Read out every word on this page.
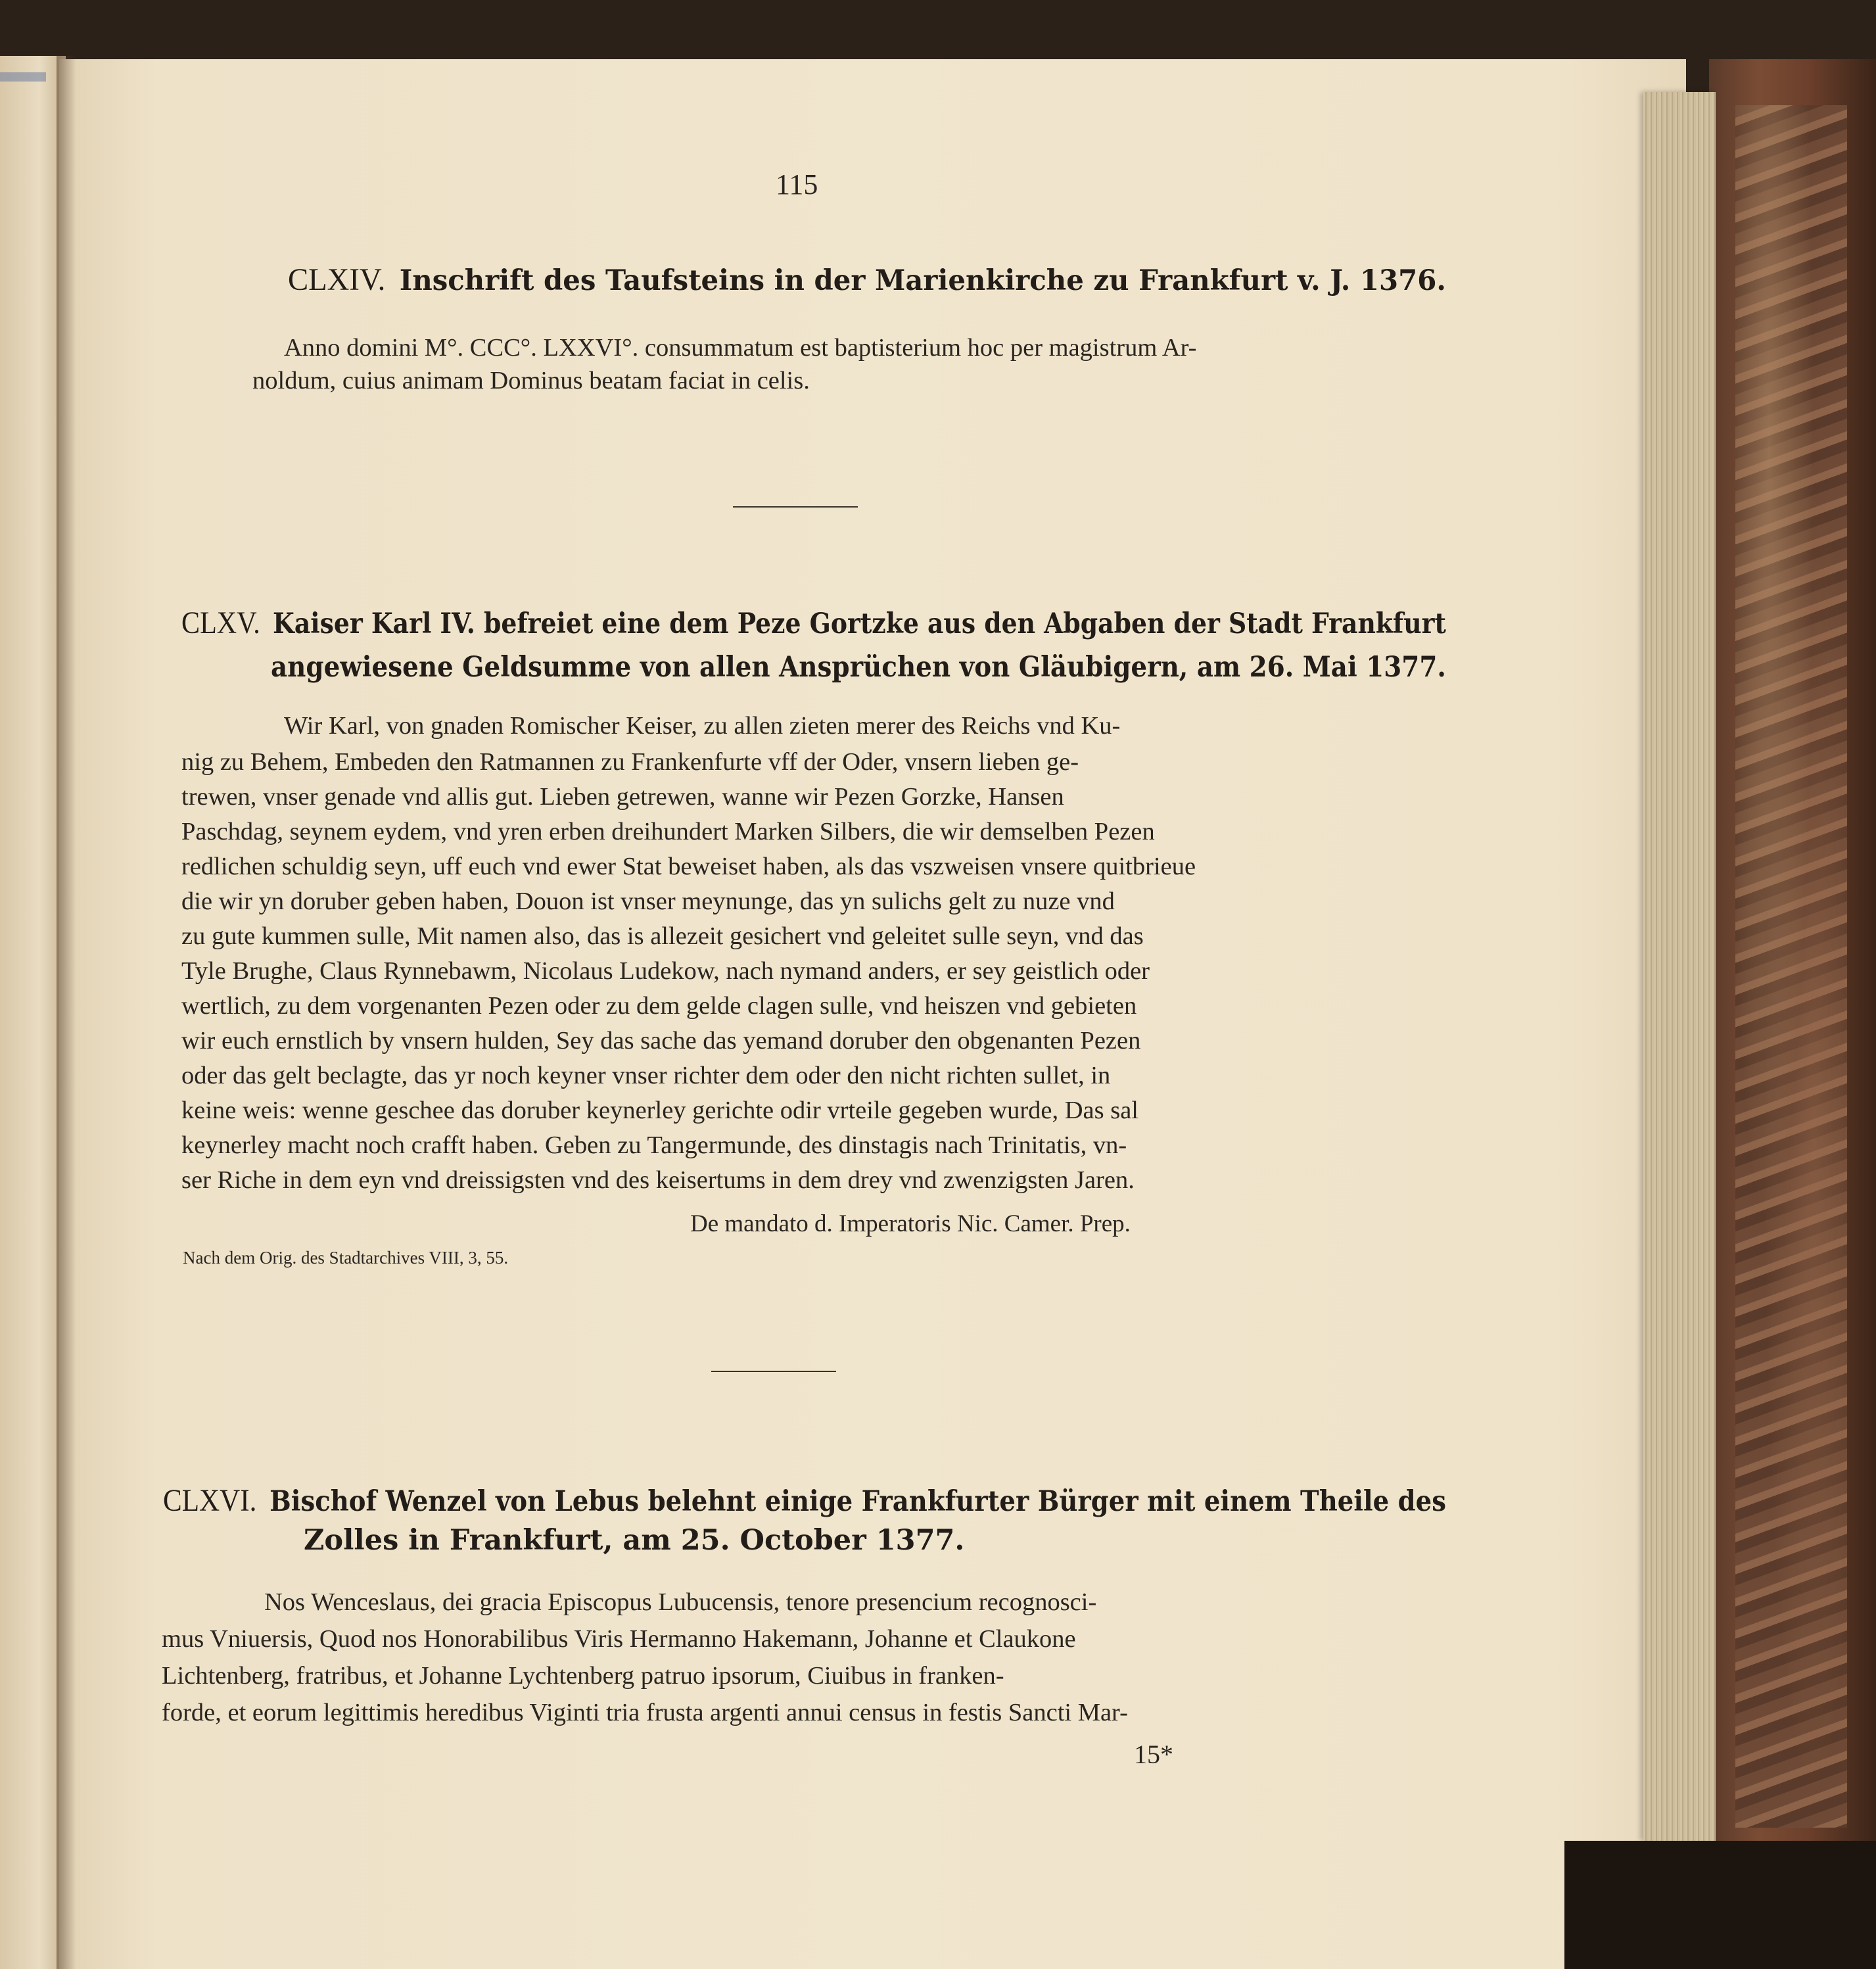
115
CLXIV. Inschrift des Taufsteins in der Marienkirche zu Frankfurt v. J. 1376.
Anno domini M°. CCC°. LXXVI°. consummatum est baptisterium hoc per magistrum Ar-
noldum, cuius animam Dominus beatam faciat in celis.
CLXV. Kaiser Karl IV. befreiet eine dem Peze Gortzke aus den Abgaben der Stadt Frankfurt
angewiesene Geldsumme von allen Ansprüchen von Gläubigern, am 26. Mai 1377.
Wir Karl, von gnaden Romischer Keiser, zu allen zieten merer des Reichs vnd Ku-
nig zu Behem, Embeden den Ratmannen zu Frankenfurte vff der Oder, vnsern lieben ge-
trewen, vnser genade vnd allis gut. Lieben getrewen, wanne wir Pezen Gorzke, Hansen
Paschdag, seynem eydem, vnd yren erben dreihundert Marken Silbers, die wir demselben Pezen
redlichen schuldig seyn, uff euch vnd ewer Stat beweiset haben, als das vszweisen vnsere quitbrieue
die wir yn doruber geben haben, Douon ist vnser meynunge, das yn sulichs gelt zu nuze vnd
zu gute kummen sulle, Mit namen also, das is allezeit gesichert vnd geleitet sulle seyn, vnd das
Tyle Brughe, Claus Rynnebawm, Nicolaus Ludekow, nach nymand anders, er sey geistlich oder
wertlich, zu dem vorgenanten Pezen oder zu dem gelde clagen sulle, vnd heiszen vnd gebieten
wir euch ernstlich by vnsern hulden, Sey das sache das yemand doruber den obgenanten Pezen
oder das gelt beclagte, das yr noch keyner vnser richter dem oder den nicht richten sullet, in
keine weis: wenne geschee das doruber keynerley gerichte odir vrteile gegeben wurde, Das sal
keynerley macht noch crafft haben. Geben zu Tangermunde, des dinstagis nach Trinitatis, vn-
ser Riche in dem eyn vnd dreissigsten vnd des keisertums in dem drey vnd zwenzigsten Jaren.
De mandato d. Imperatoris Nic. Camer. Prep.
Nach dem Orig. des Stadtarchives VIII, 3, 55.
CLXVI. Bischof Wenzel von Lebus belehnt einige Frankfurter Bürger mit einem Theile des
Zolles in Frankfurt, am 25. October 1377.
Nos Wenceslaus, dei gracia Episcopus Lubucensis, tenore presencium recognosci-
mus Vniuersis, Quod nos Honorabilibus Viris Hermanno Hakemann, Johanne et Claukone
Lichtenberg, fratribus, et Johanne Lychtenberg patruo ipsorum, Ciuibus in franken-
forde, et eorum legittimis heredibus Viginti tria frusta argenti annui census in festis Sancti Mar-
15*
